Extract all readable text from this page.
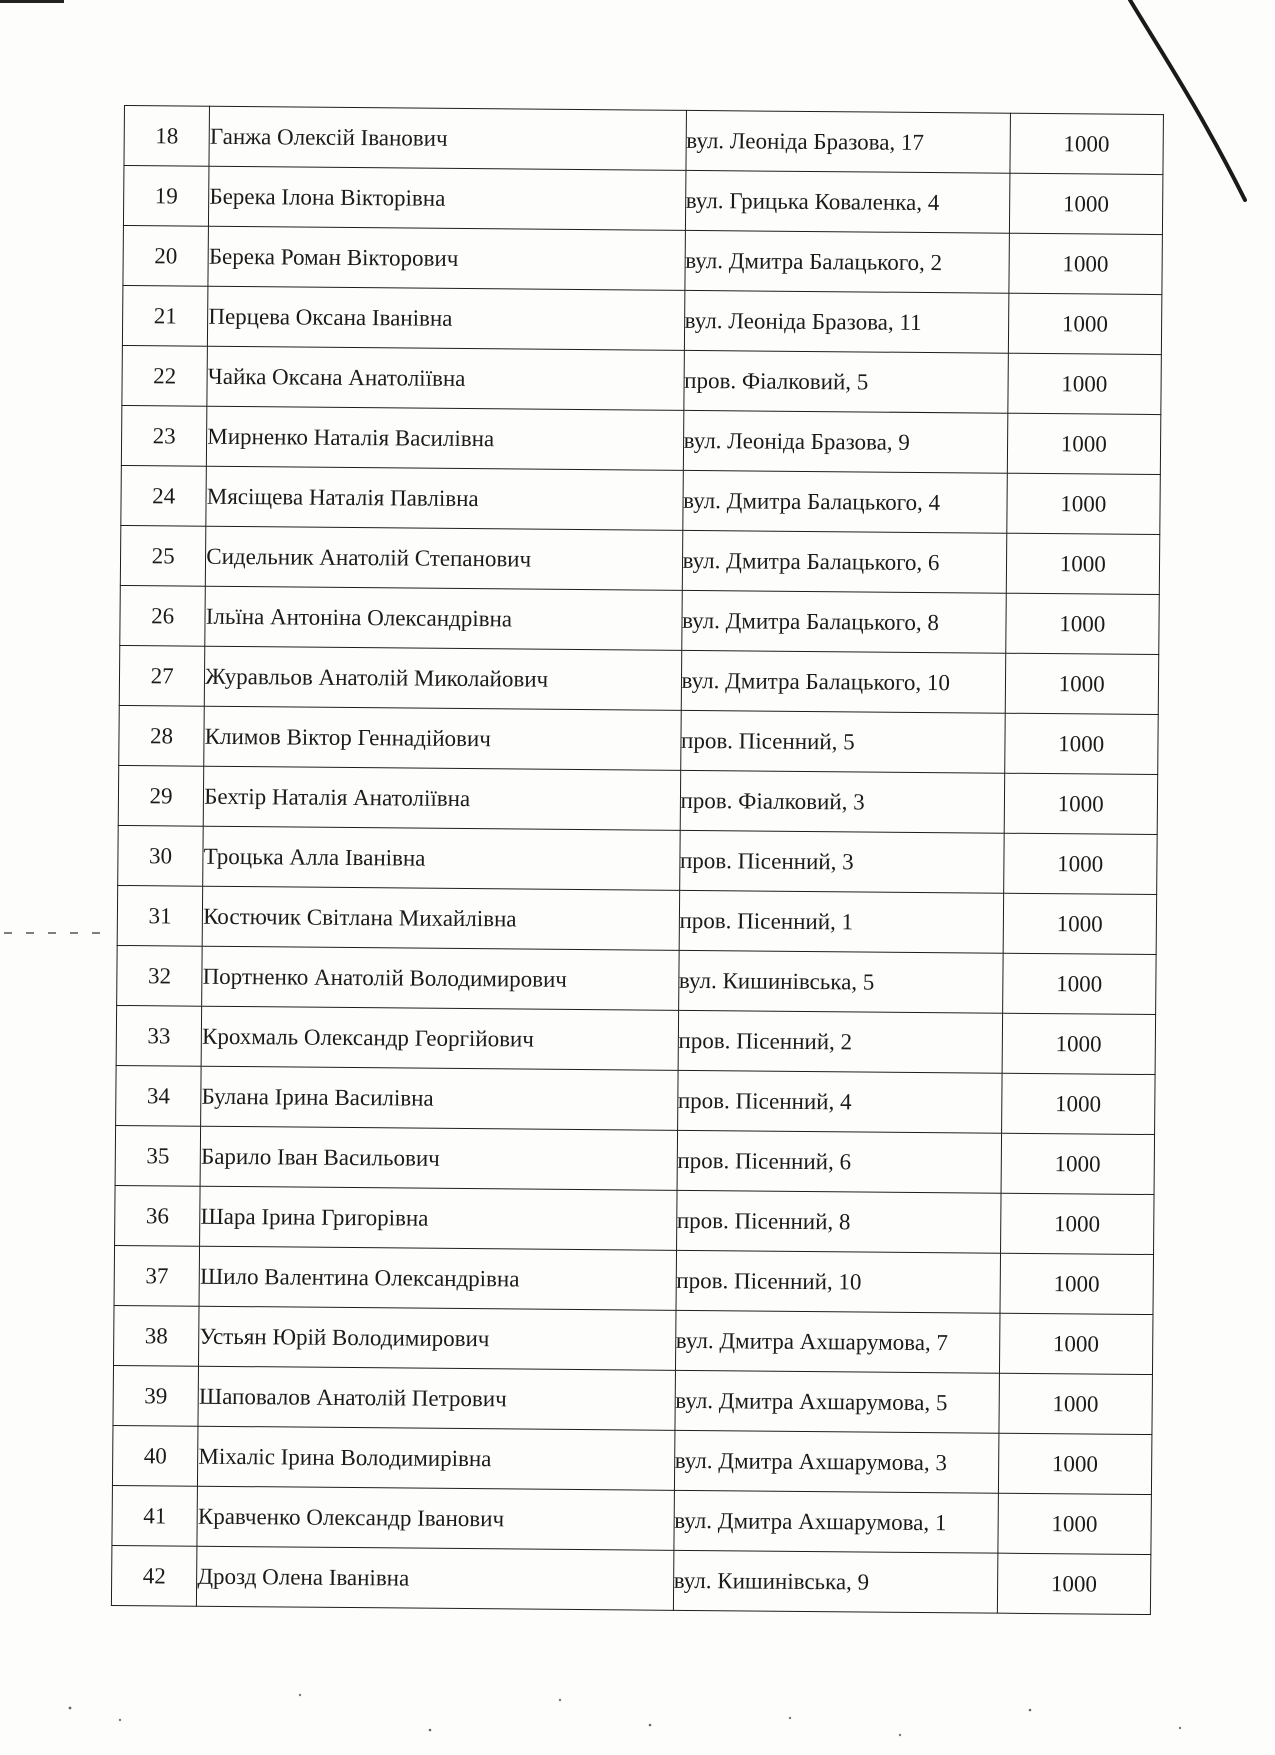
18	Ганжа Олексій Іванович	вул. Леоніда Бразова, 17	1000
19	Берека Ілона Вікторівна	вул. Грицька Коваленка, 4	1000
20	Берека Роман Вікторович	вул. Дмитра Балацького, 2	1000
21	Перцева Оксана Іванівна	вул. Леоніда Бразова, 11	1000
22	Чайка Оксана Анатоліївна	пров. Фіалковий, 5	1000
23	Мирненко Наталія Василівна	вул. Леоніда Бразова, 9	1000
24	Мясіщева Наталія Павлівна	вул. Дмитра Балацького, 4	1000
25	Сидельник Анатолій Степанович	вул. Дмитра Балацького, 6	1000
26	Ільїна Антоніна Олександрівна	вул. Дмитра Балацького, 8	1000
27	Журавльов Анатолій Миколайович	вул. Дмитра Балацького, 10	1000
28	Климов Віктор Геннадійович	пров. Пісенний, 5	1000
29	Бехтір Наталія Анатоліївна	пров. Фіалковий, 3	1000
30	Троцька Алла Іванівна	пров. Пісенний, 3	1000
31	Костючик Світлана Михайлівна	пров. Пісенний, 1	1000
32	Портненко Анатолій Володимирович	вул. Кишинівська, 5	1000
33	Крохмаль Олександр Георгійович	пров. Пісенний, 2	1000
34	Булана Ірина Василівна	пров. Пісенний, 4	1000
35	Барило Іван Васильович	пров. Пісенний, 6	1000
36	Шара Ірина Григорівна	пров. Пісенний, 8	1000
37	Шило Валентина Олександрівна	пров. Пісенний, 10	1000
38	Устьян Юрій Володимирович	вул. Дмитра Ахшарумова, 7	1000
39	Шаповалов Анатолій Петрович	вул. Дмитра Ахшарумова, 5	1000
40	Міхаліс Ірина Володимирівна	вул. Дмитра Ахшарумова, 3	1000
41	Кравченко Олександр Іванович	вул. Дмитра Ахшарумова, 1	1000
42	Дрозд Олена Іванівна	вул. Кишинівська, 9	1000
